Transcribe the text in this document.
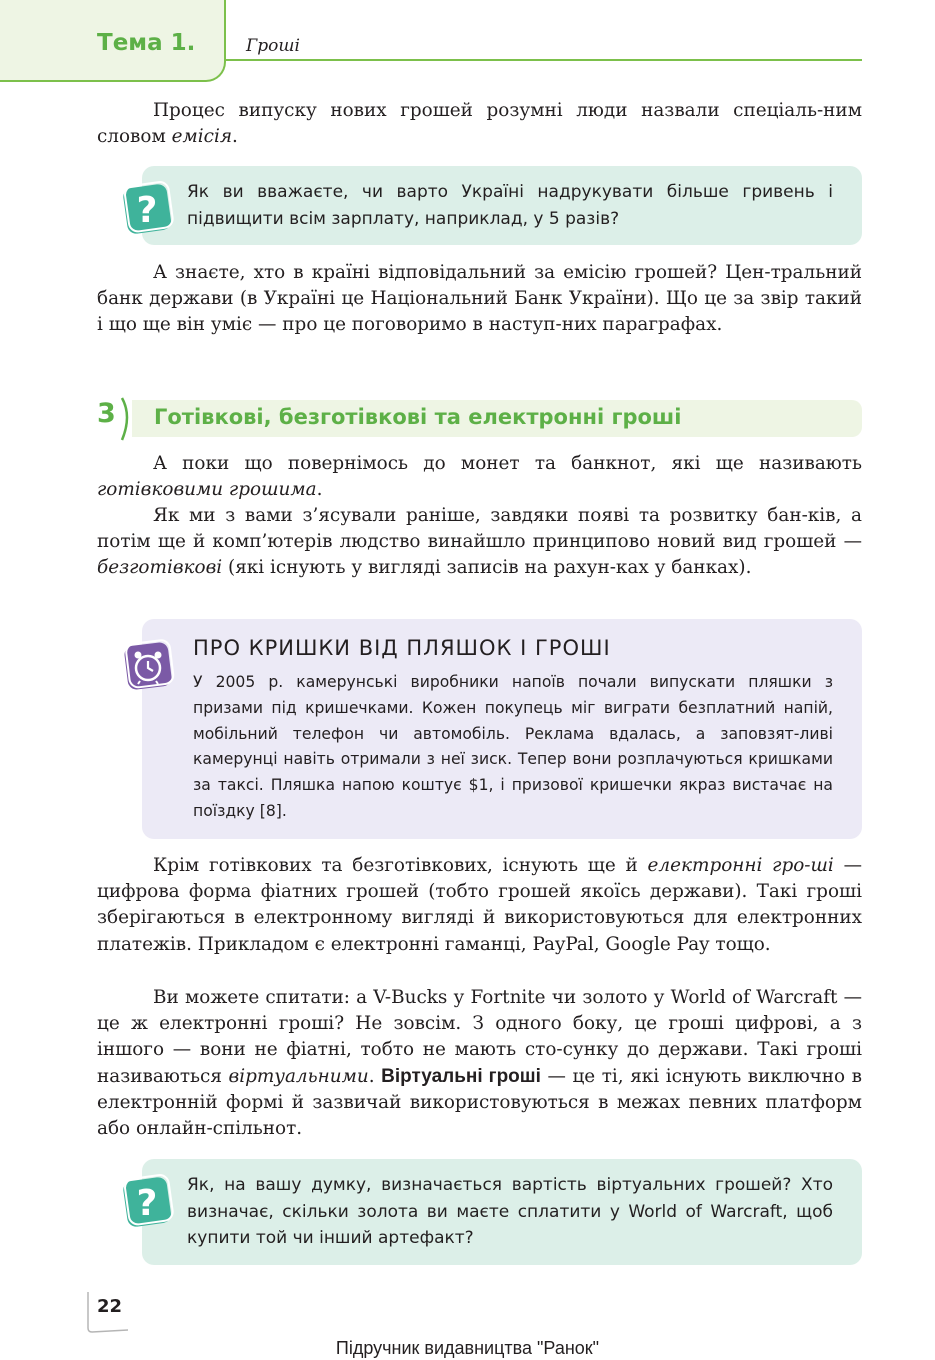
Тема 1.	Гроші

Процес випуску нових грошей розумні люди назвали спеціаль-ним словом емісія.

? Як ви вважаєте, чи варто Україні надрукувати більше гривень і підвищити всім зарплату, наприклад, у 5 разів?

А знаєте, хто в країні відповідальний за емісію грошей? Цен-тральний банк держави (в Україні це Національний Банк України). Що це за звір такий і що ще він уміє — про це поговоримо в наступ-них параграфах.

3 Готівкові, безготівкові та електронні гроші

А поки що повернімось до монет та банкнот, які ще називають готівковими грошима.

Як ми з вами з’ясували раніше, завдяки появі та розвитку бан-ків, а потім ще й комп’ютерів людство винайшло принципово новий вид грошей — безготівкові (які існують у вигляді записів на рахун-ках у банках).

ПРО КРИШКИ ВІД ПЛЯШОК І ГРОШІ

У 2005 р. камерунські виробники напоїв почали випускати пляшки з призами під кришечками. Кожен покупець міг виграти безплатний напій, мобільний телефон чи автомобіль. Реклама вдалась, а заповзят-ливі камерунці навіть отримали з неї зиск. Тепер вони розплачуються кришками за таксі. Пляшка напою коштує $1, і призової кришечки якраз вистачає на поїздку [8].

Крім готівкових та безготівкових, існують ще й електронні гро-ші — цифрова форма фіатних грошей (тобто грошей якоїсь держави). Такі гроші зберігаються в електронному вигляді й використовуються для електронних платежів. Прикладом є електронні гаманці, PayPal, Google Pay тощо.

Ви можете спитати: а V-Bucks у Fortnite чи золото у World of Warcraft — це ж електронні гроші? Не зовсім. З одного боку, це гроші цифрові, а з іншого — вони не фіатні, тобто не мають сто-сунку до держави. Такі гроші називаються віртуальними. Віртуальні гроші — це ті, які існують виключно в електронній формі й зазвичай використовуються в межах певних платформ або онлайн-спільнот.

? Як, на вашу думку, визначається вартість віртуальних грошей? Хто визначає, скільки золота ви маєте сплатити у World of Warcraft, щоб купити той чи інший артефакт?

22
Підручник видавництва "Ранок"
